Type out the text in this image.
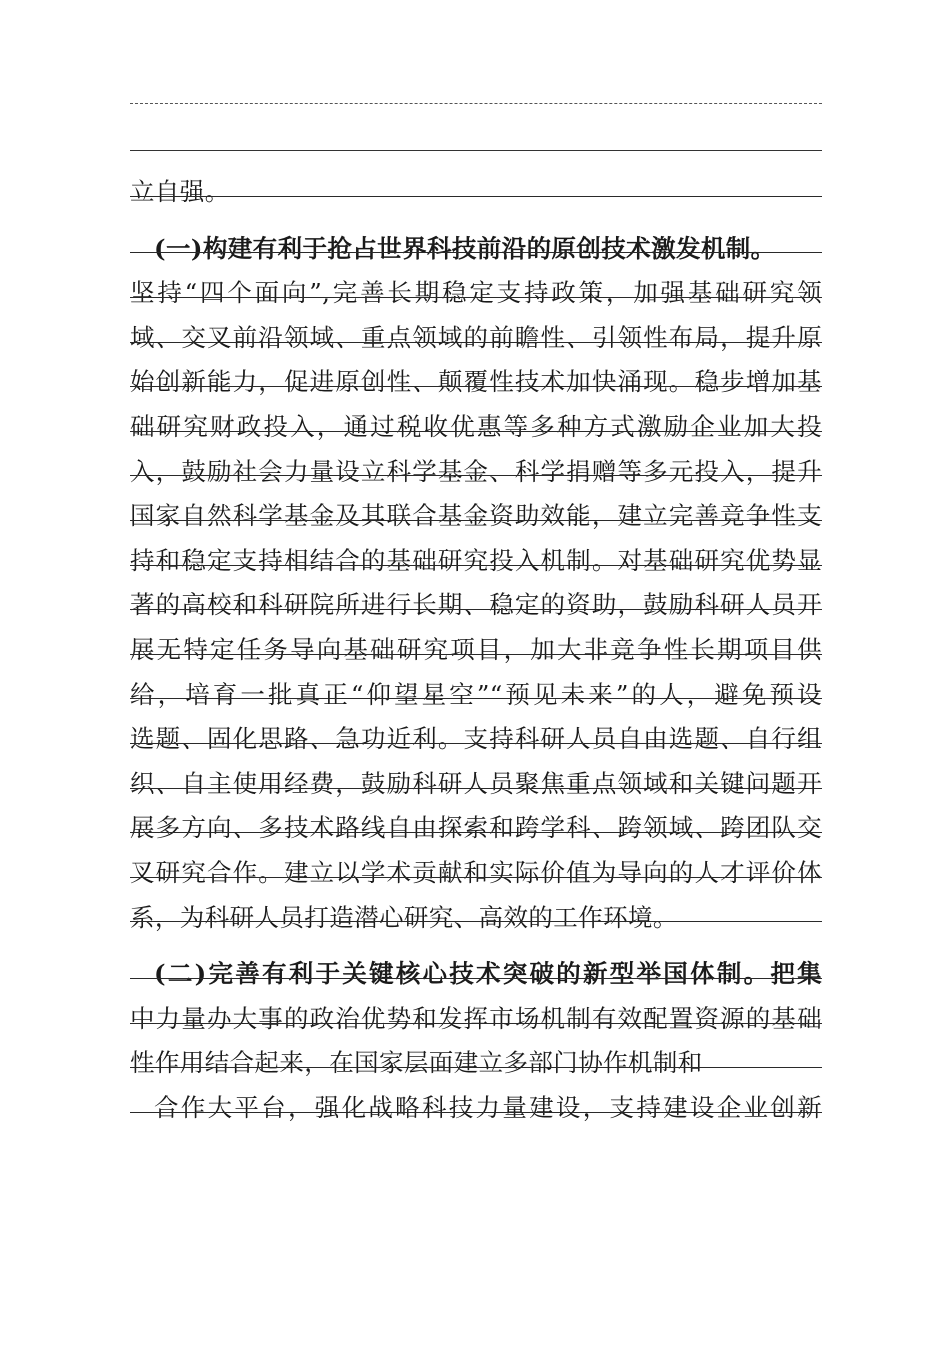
立自强。
(一)构建有利于抢占世界科技前沿的原创技术激发机制。
坚持“四个面向”,完善长期稳定支持政策，加强基础研究领
域、交叉前沿领域、重点领域的前瞻性、引领性布局，提升原
始创新能力，促进原创性、颠覆性技术加快涌现。稳步增加基
础研究财政投入，通过税收优惠等多种方式激励企业加大投
入，鼓励社会力量设立科学基金、科学捐赠等多元投入，提升
国家自然科学基金及其联合基金资助效能，建立完善竞争性支
持和稳定支持相结合的基础研究投入机制。对基础研究优势显
著的高校和科研院所进行长期、稳定的资助，鼓励科研人员开
展无特定任务导向基础研究项目，加大非竞争性长期项目供
给，培育一批真正“仰望星空”“预见未来”的人，避免预设
选题、固化思路、急功近利。支持科研人员自由选题、自行组
织、自主使用经费，鼓励科研人员聚焦重点领域和关键问题开
展多方向、多技术路线自由探索和跨学科、跨领域、跨团队交
叉研究合作。建立以学术贡献和实际价值为导向的人才评价体
系，为科研人员打造潜心研究、高效的工作环境。
(二)完善有利于关键核心技术突破的新型举国体制。把集
中力量办大事的政治优势和发挥市场机制有效配置资源的基础
性作用结合起来，在国家层面建立多部门协作机制和
合作大平台，强化战略科技力量建设，支持建设企业创新
